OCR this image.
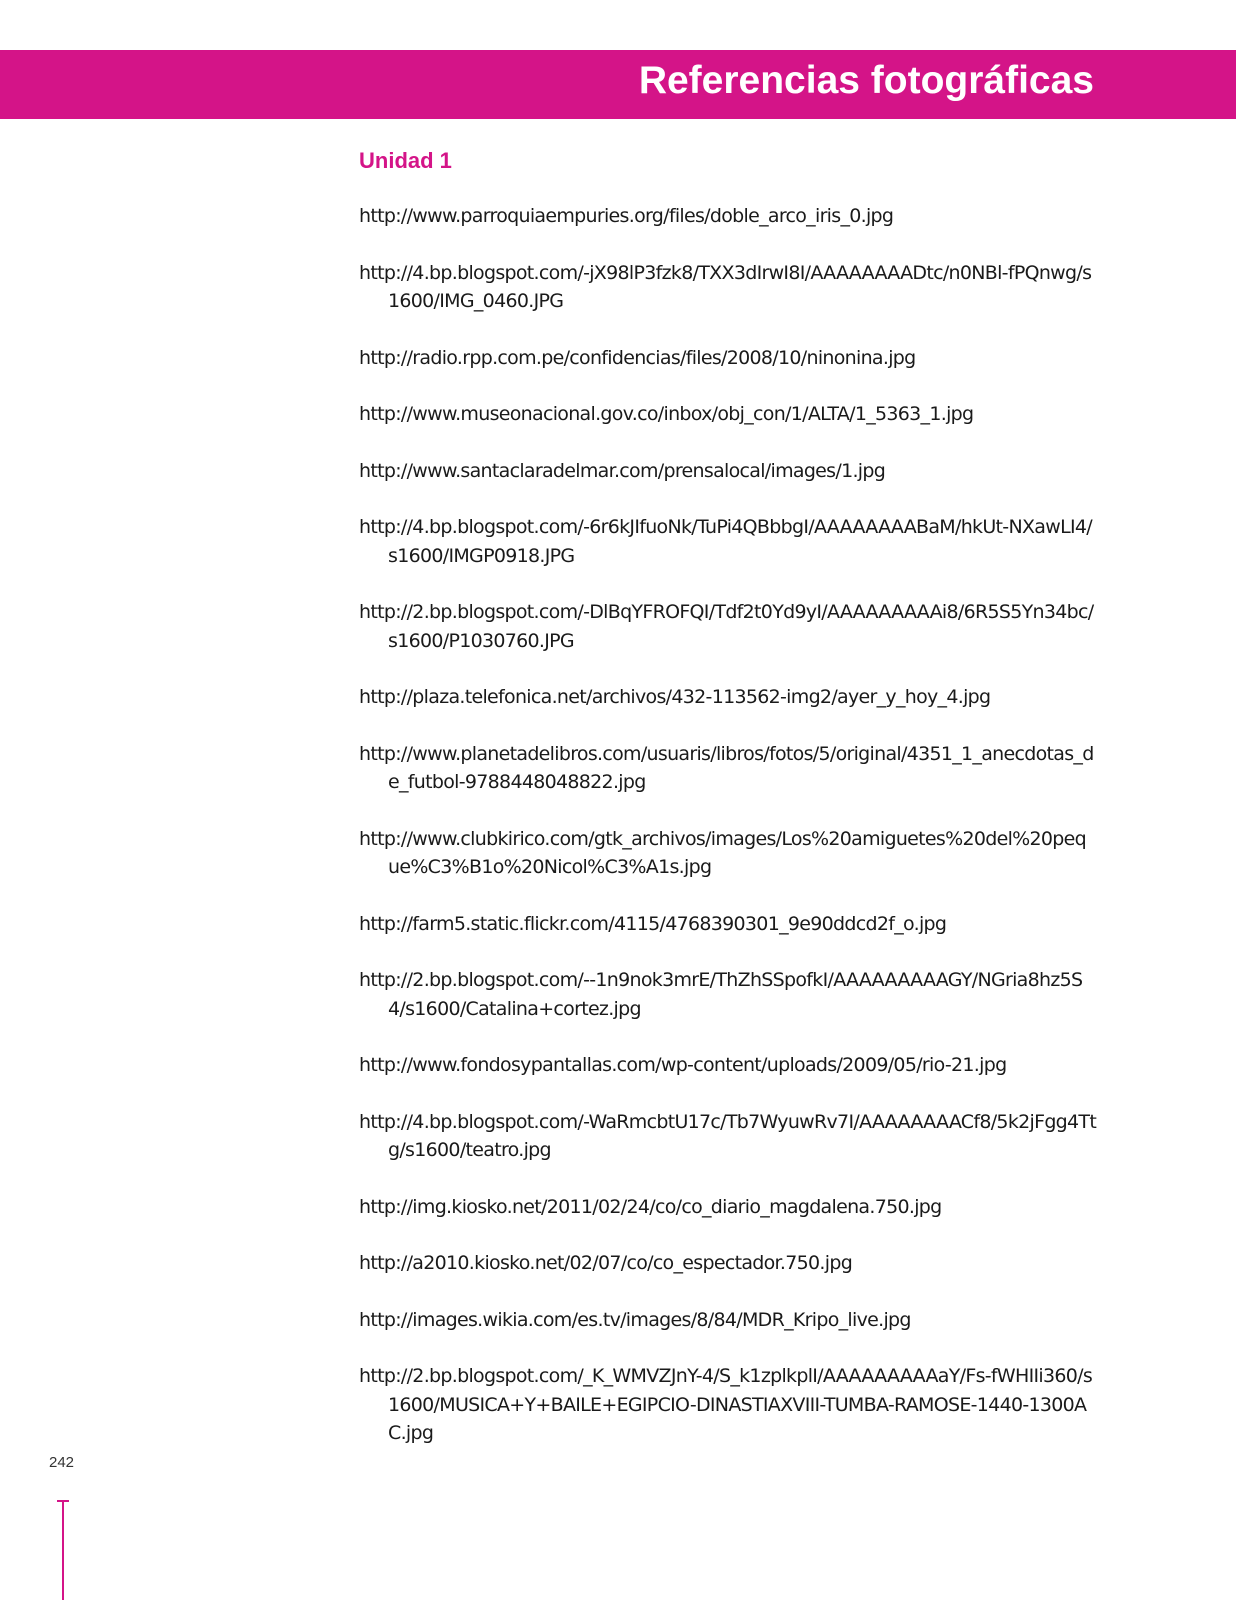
Referencias fotográficas
Unidad 1
http://www.parroquiaempuries.org/files/doble_arco_iris_0.jpg
http://4.bp.blogspot.com/-jX98lP3fzk8/TXX3dIrwI8I/AAAAAAAADtc/n0NBl-fPQnwg/s1600/IMG_0460.JPG
http://radio.rpp.com.pe/confidencias/files/2008/10/ninonina.jpg
http://www.museonacional.gov.co/inbox/obj_con/1/ALTA/1_5363_1.jpg
http://www.santaclaradelmar.com/prensalocal/images/1.jpg
http://4.bp.blogspot.com/-6r6kJIfuoNk/TuPi4QBbbgI/AAAAAAAABaM/hkUt-NXawLI4/s1600/IMGP0918.JPG
http://2.bp.blogspot.com/-DlBqYFROFQI/Tdf2t0Yd9yI/AAAAAAAAAi8/6R5S5Yn34bc/s1600/P1030760.JPG
http://plaza.telefonica.net/archivos/432-113562-img2/ayer_y_hoy_4.jpg
http://www.planetadelibros.com/usuaris/libros/fotos/5/original/4351_1_anecdotas_de_futbol-9788448048822.jpg
http://www.clubkirico.com/gtk_archivos/images/Los%20amiguetes%20del%20peque%C3%B1o%20Nicol%C3%A1s.jpg
http://farm5.static.flickr.com/4115/4768390301_9e90ddcd2f_o.jpg
http://2.bp.blogspot.com/--1n9nok3mrE/ThZhSSpofkI/AAAAAAAAAGY/NGria8hz5S4/s1600/Catalina+cortez.jpg
http://www.fondosypantallas.com/wp-content/uploads/2009/05/rio-21.jpg
http://4.bp.blogspot.com/-WaRmcbtU17c/Tb7WyuwRv7I/AAAAAAAACf8/5k2jFgg4Ttg/s1600/teatro.jpg
http://img.kiosko.net/2011/02/24/co/co_diario_magdalena.750.jpg
http://a2010.kiosko.net/02/07/co/co_espectador.750.jpg
http://images.wikia.com/es.tv/images/8/84/MDR_Kripo_live.jpg
http://2.bp.blogspot.com/_K_WMVZJnY-4/S_k1zplkplI/AAAAAAAAAaY/Fs-fWHIIi360/s1600/MUSICA+Y+BAILE+EGIPCIO-DINASTIAXVIII-TUMBA-RAMOSE-1440-1300AC.jpg
242
